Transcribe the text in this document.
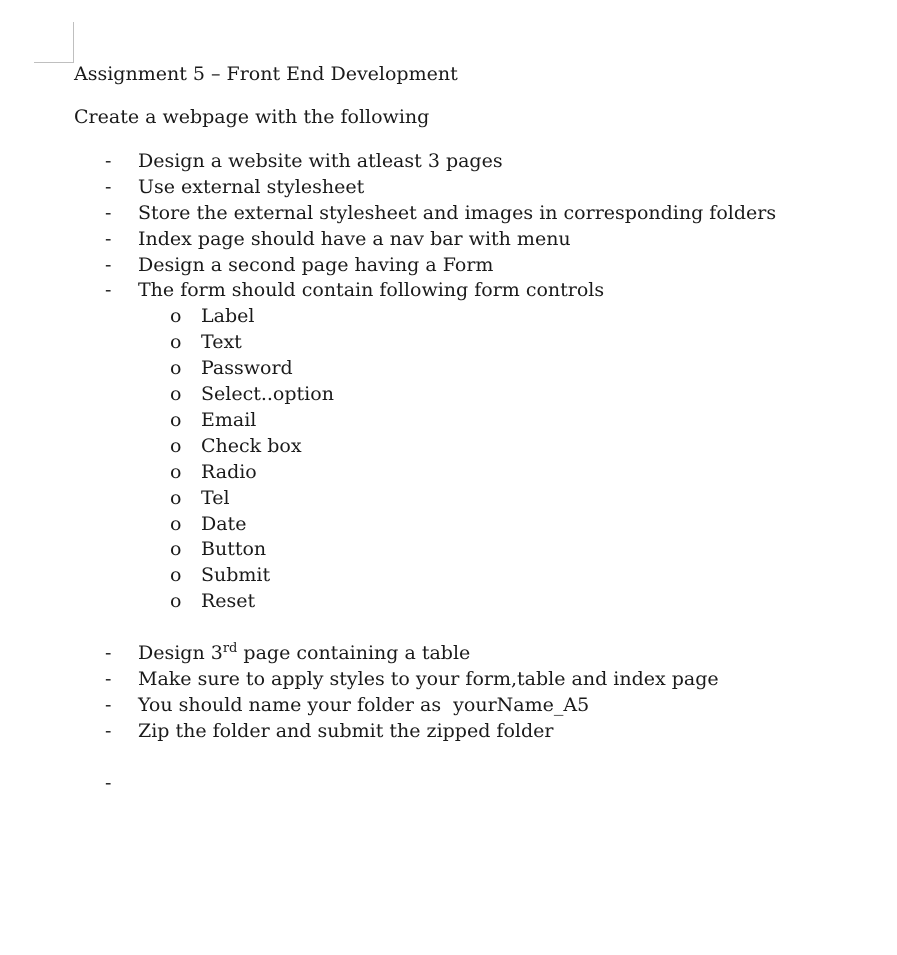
Assignment 5 – Front End Development
Create a webpage with the following
- Design a website with atleast 3 pages
- Use external stylesheet
- Store the external stylesheet and images in corresponding folders
- Index page should have a nav bar with menu
- Design a second page having a Form
- The form should contain following form controls
o Label
o Text
o Password
o Select..option
o Email
o Check box
o Radio
o Tel
o Date
o Button
o Submit
o Reset
- Design 3rd page containing a table
- Make sure to apply styles to your form,table and index page
- You should name your folder as  yourName_A5
- Zip the folder and submit the zipped folder
-
